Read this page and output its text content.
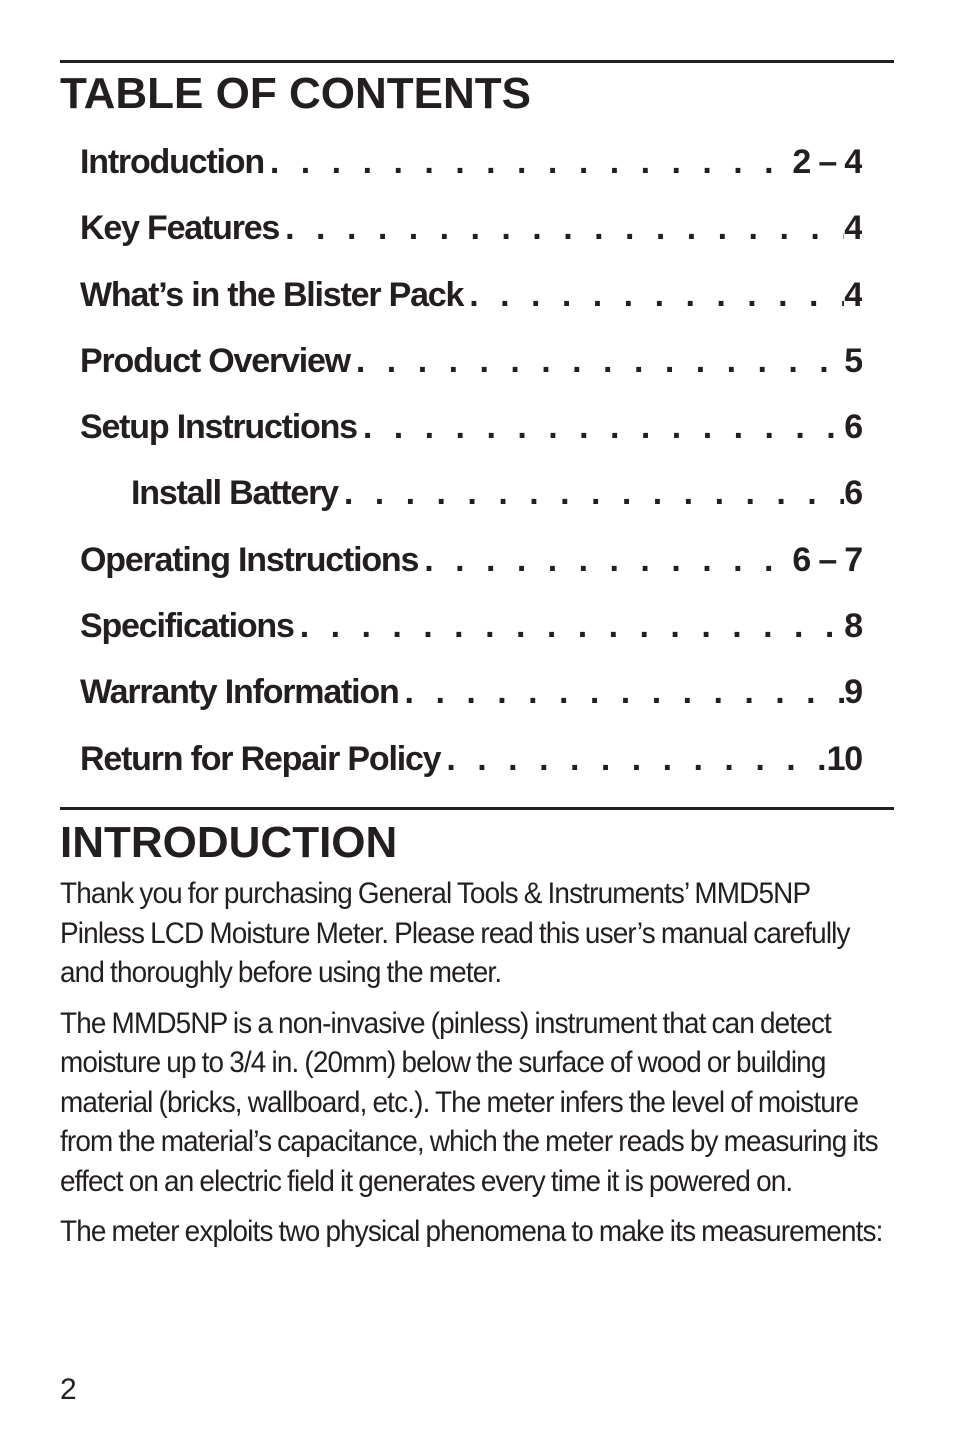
TABLE OF CONTENTS
Introduction . . .	2 – 4
Key Features . . .	4
What’s in the Blister Pack . . .	4
Product Overview . . .	5
Setup Instructions . . .	6
Install Battery . . .	6
Operating Instructions . . .	6 – 7
Specifications . . .	8
Warranty Information . . .	9
Return for Repair Policy . . .	10
INTRODUCTION

Thank you for purchasing General Tools & Instruments’ MMD5NP Pinless LCD Moisture Meter. Please read this user’s manual carefully and thoroughly before using the meter.

The MMD5NP is a non-invasive (pinless) instrument that can detect moisture up to 3/4 in. (20mm) below the surface of wood or building material (bricks, wallboard, etc.). The meter infers the level of moisture from the material’s capacitance, which the meter reads by measuring its effect on an electric field it generates every time it is powered on.

The meter exploits two physical phenomena to make its measurements:

2
